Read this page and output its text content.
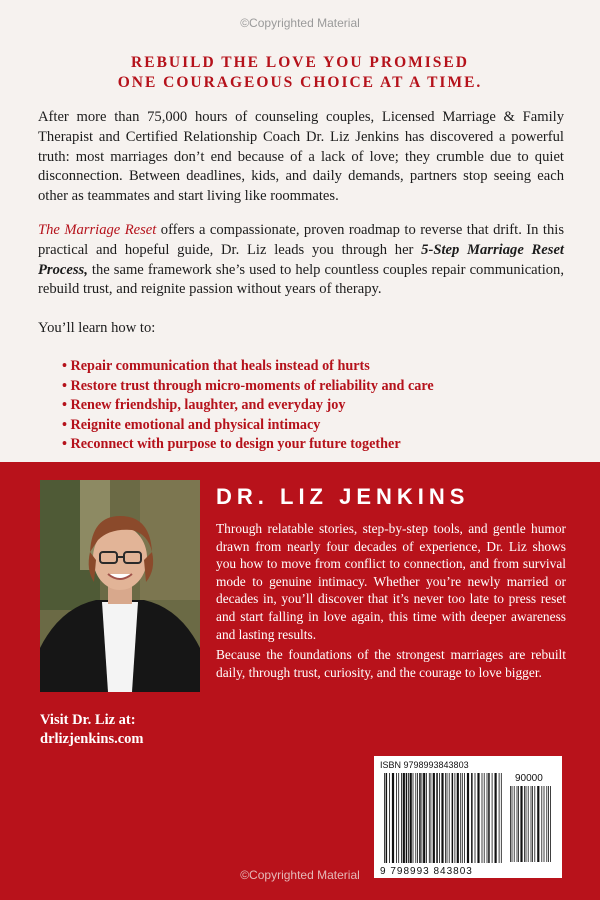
©Copyrighted Material
REBUILD THE LOVE YOU PROMISED
ONE COURAGEOUS CHOICE AT A TIME.
After more than 75,000 hours of counseling couples, Licensed Marriage & Family Therapist and Certified Relationship Coach Dr. Liz Jenkins has discovered a powerful truth: most marriages don’t end because of a lack of love; they crumble due to quiet disconnection. Between deadlines, kids, and daily demands, partners stop seeing each other as teammates and start living like roommates.
The Marriage Reset offers a compassionate, proven roadmap to reverse that drift. In this practical and hopeful guide, Dr. Liz leads you through her 5-Step Marriage Reset Process, the same framework she’s used to help countless couples repair communication, rebuild trust, and reignite passion without years of therapy.
You’ll learn how to:
• Repair communication that heals instead of hurts
• Restore trust through micro-moments of reliability and care
• Renew friendship, laughter, and everyday joy
• Reignite emotional and physical intimacy
• Reconnect with purpose to design your future together
DR. LIZ JENKINS
Through relatable stories, step-by-step tools, and gentle humor drawn from nearly four decades of experience, Dr. Liz shows you how to move from conflict to connection, and from survival mode to genuine intimacy. Whether you’re newly married or decades in, you’ll discover that it’s never too late to press reset and start falling in love again, this time with deeper awareness and lasting results.
Because the foundations of the strongest marriages are rebuilt daily, through trust, curiosity, and the courage to love bigger.
Visit Dr. Liz at:
drlizjenkins.com
ISBN 9798993843803
90000
9 798993 843803
©Copyrighted Material
